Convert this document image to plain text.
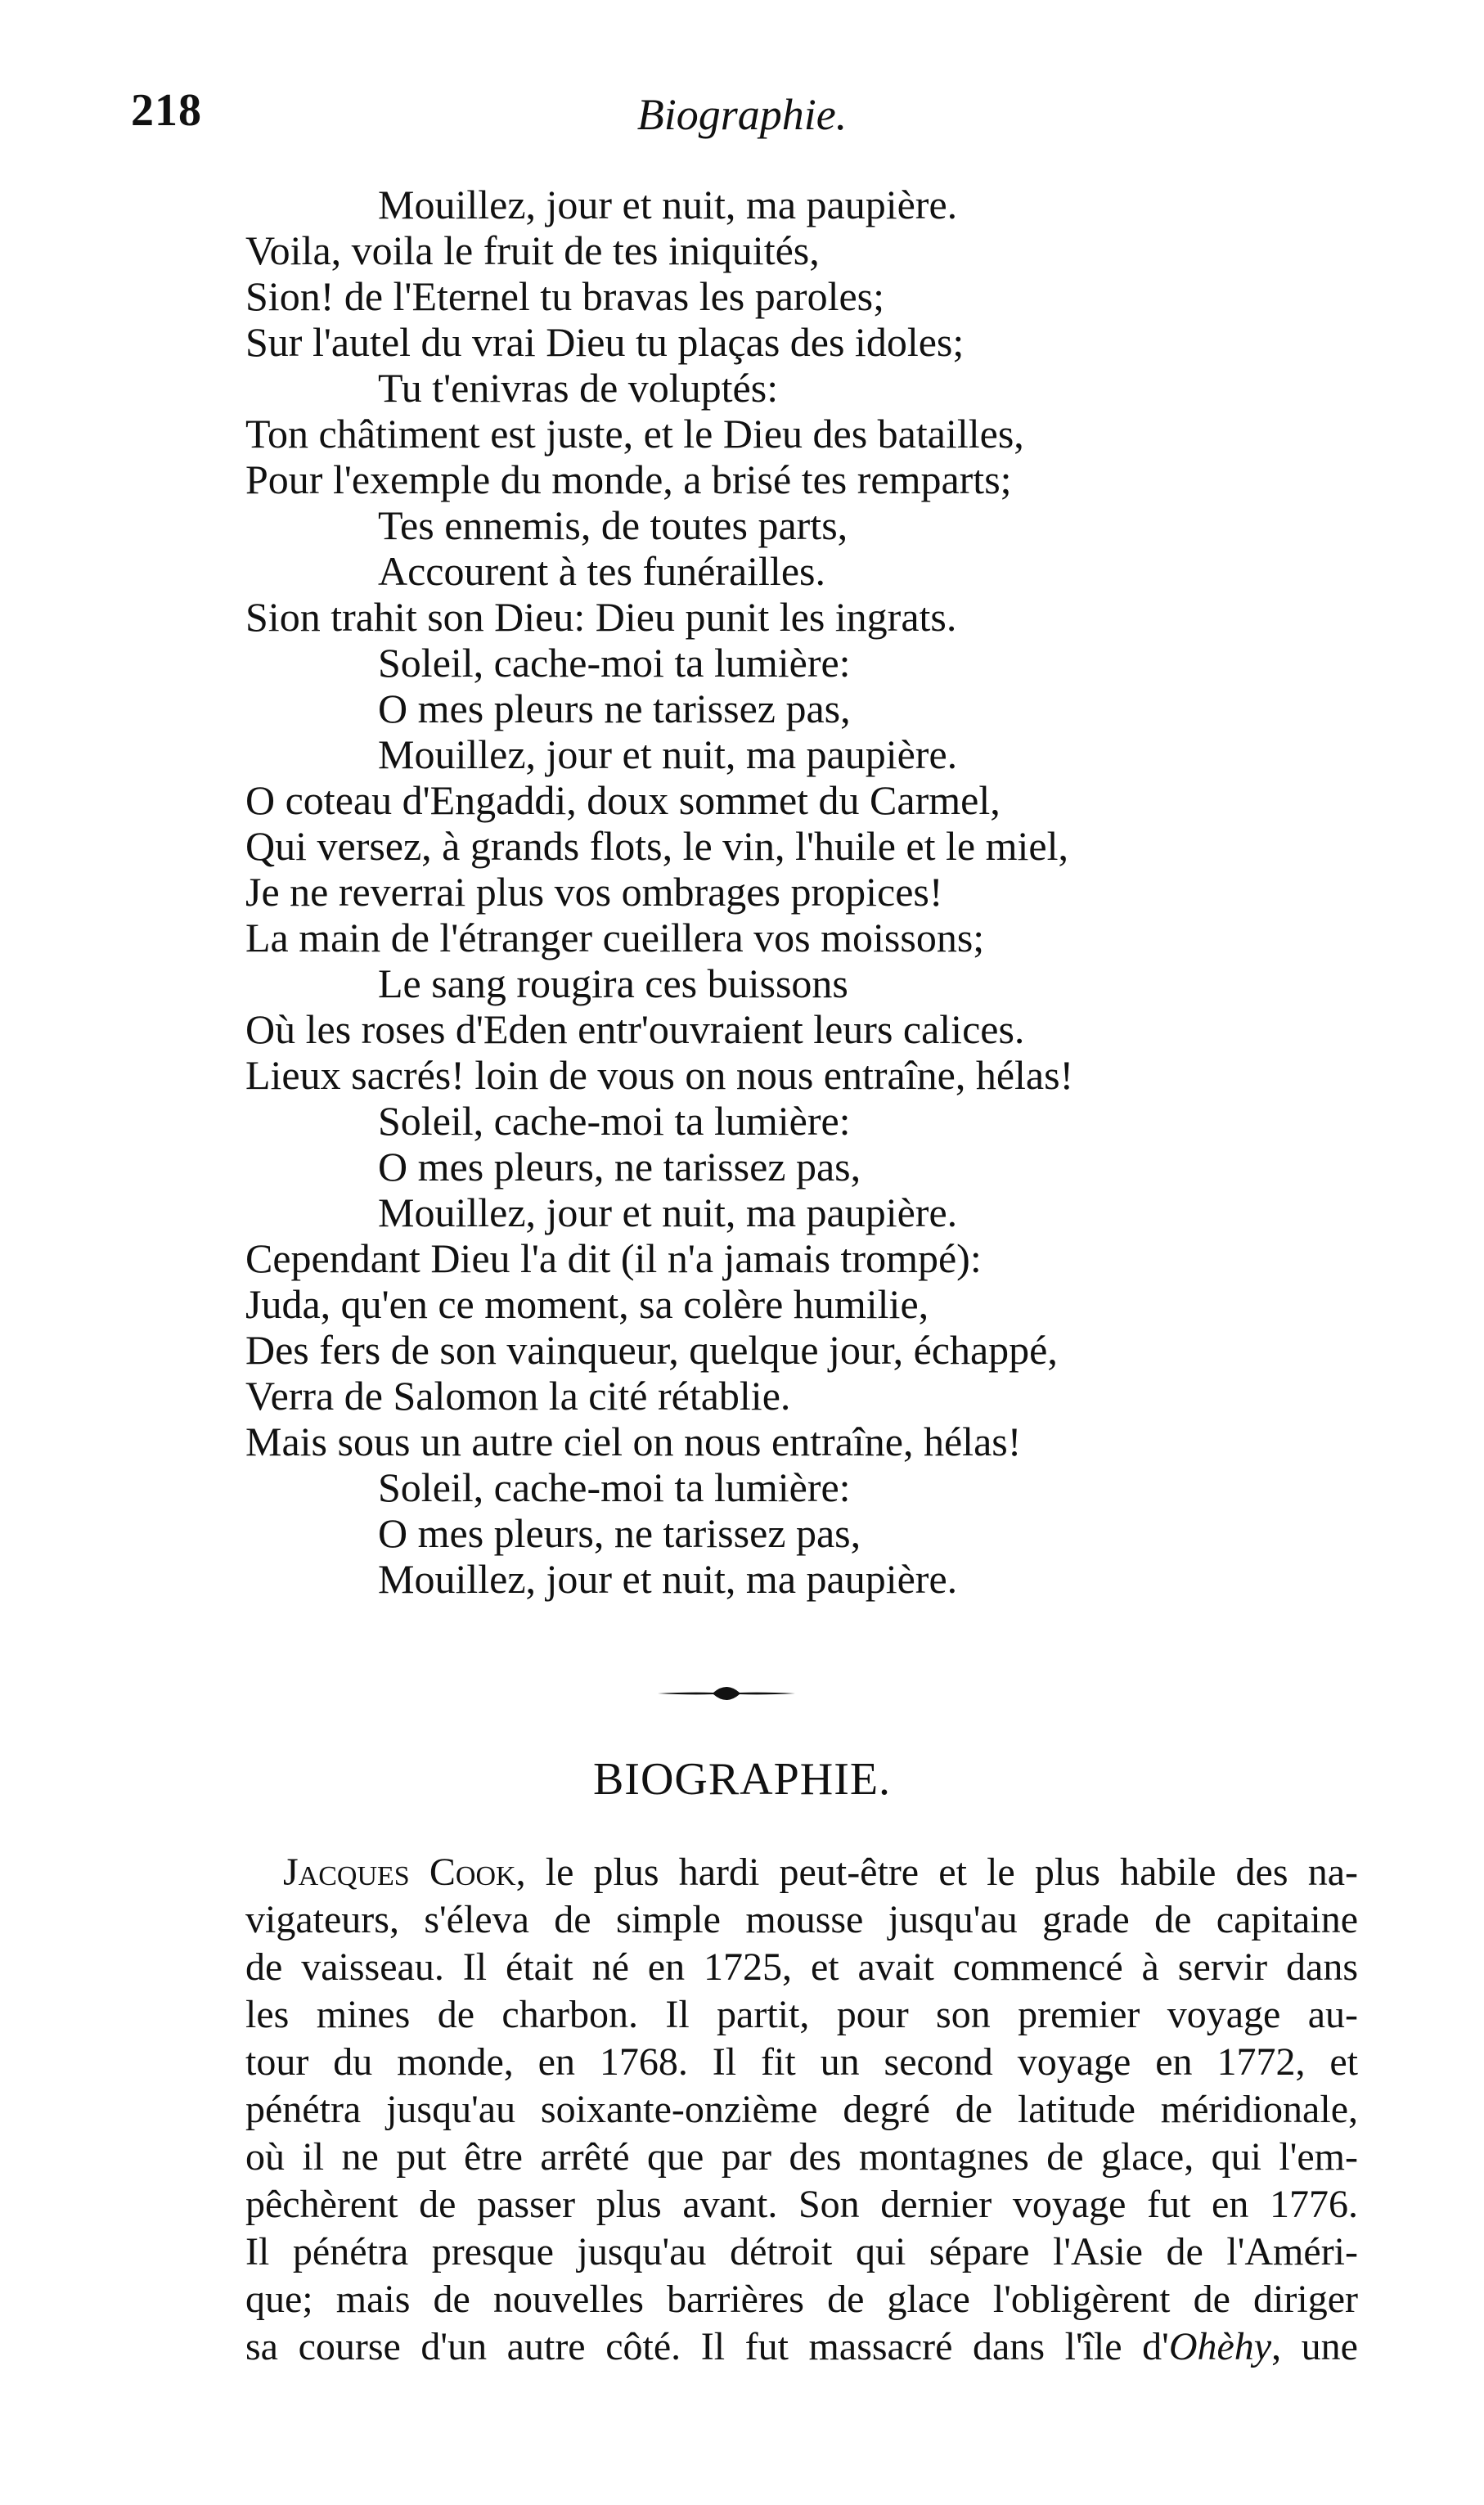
218	Biographie.
Mouillez, jour et nuit, ma paupière.
Voila, voila le fruit de tes iniquités,
Sion! de l'Eternel tu bravas les paroles;
Sur l'autel du vrai Dieu tu plaças des idoles;
Tu t'enivras de voluptés:
Ton châtiment est juste, et le Dieu des batailles,
Pour l'exemple du monde, a brisé tes remparts;
Tes ennemis, de toutes parts,
Accourent à tes funérailles.
Sion trahit son Dieu: Dieu punit les ingrats.
Soleil, cache-moi ta lumière:
O mes pleurs ne tarissez pas,
Mouillez, jour et nuit, ma paupière.
O coteau d'Engaddi, doux sommet du Carmel,
Qui versez, à grands flots, le vin, l'huile et le miel,
Je ne reverrai plus vos ombrages propices!
La main de l'étranger cueillera vos moissons;
Le sang rougira ces buissons
Où les roses d'Eden entr'ouvraient leurs calices.
Lieux sacrés! loin de vous on nous entraîne, hélas!
Soleil, cache-moi ta lumière:
O mes pleurs, ne tarissez pas,
Mouillez, jour et nuit, ma paupière.
Cependant Dieu l'a dit (il n'a jamais trompé):
Juda, qu'en ce moment, sa colère humilie,
Des fers de son vainqueur, quelque jour, échappé,
Verra de Salomon la cité rétablie.
Mais sous un autre ciel on nous entraîne, hélas!
Soleil, cache-moi ta lumière:
O mes pleurs, ne tarissez pas,
Mouillez, jour et nuit, ma paupière.
BIOGRAPHIE.
Jacques Cook, le plus hardi peut-être et le plus habile des na-
vigateurs, s'éleva de simple mousse jusqu'au grade de capitaine
de vaisseau. Il était né en 1725, et avait commencé à servir dans
les mines de charbon. Il partit, pour son premier voyage au-
tour du monde, en 1768. Il fit un second voyage en 1772, et
pénétra jusqu'au soixante-onzième degré de latitude méridionale,
où il ne put être arrêté que par des montagnes de glace, qui l'em-
pêchèrent de passer plus avant. Son dernier voyage fut en 1776.
Il pénétra presque jusqu'au détroit qui sépare l'Asie de l'Améri-
que; mais de nouvelles barrières de glace l'obligèrent de diriger
sa course d'un autre côté. Il fut massacré dans l'île d'Ohèhy, une
